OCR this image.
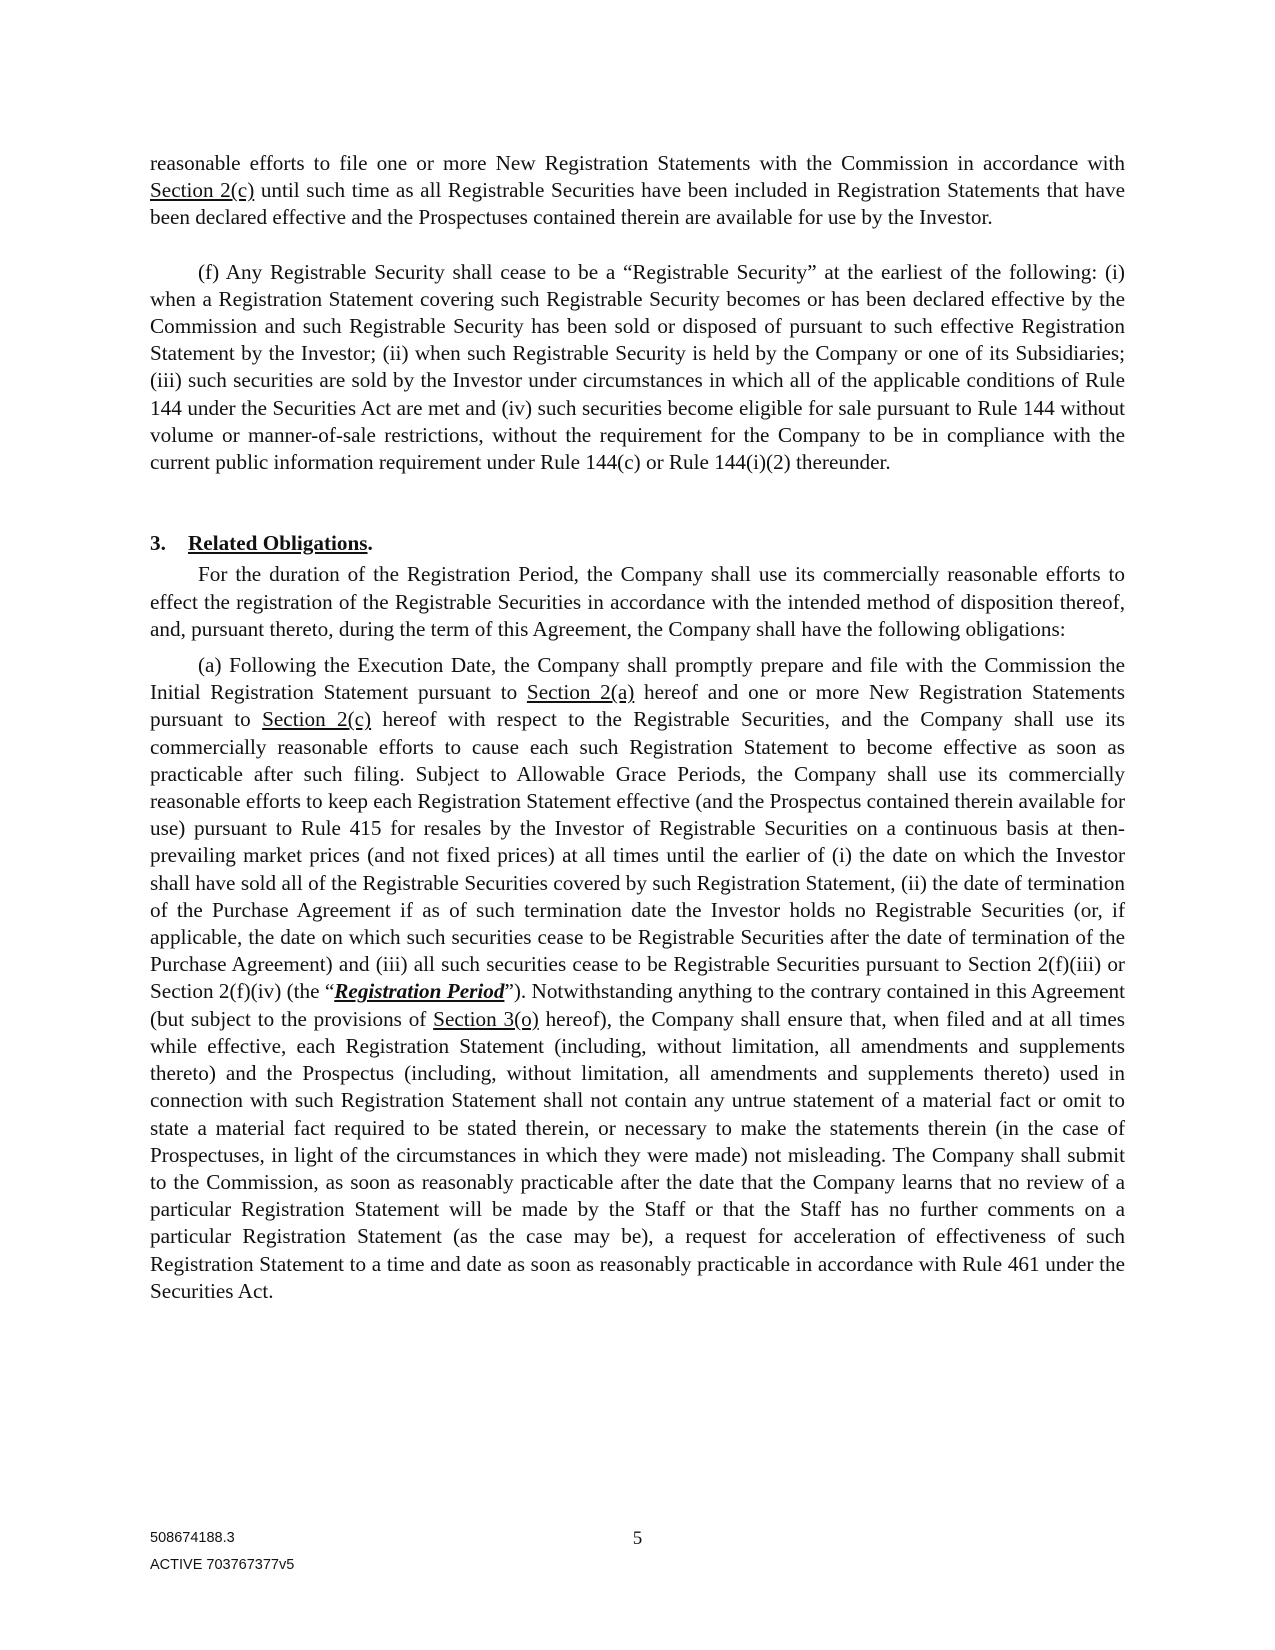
reasonable efforts to file one or more New Registration Statements with the Commission in accordance with Section 2(c) until such time as all Registrable Securities have been included in Registration Statements that have been declared effective and the Prospectuses contained therein are available for use by the Investor.

(f) Any Registrable Security shall cease to be a “Registrable Security” at the earliest of the following: (i) when a Registration Statement covering such Registrable Security becomes or has been declared effective by the Commission and such Registrable Security has been sold or disposed of pursuant to such effective Registration Statement by the Investor; (ii) when such Registrable Security is held by the Company or one of its Subsidiaries; (iii) such securities are sold by the Investor under circumstances in which all of the applicable conditions of Rule 144 under the Securities Act are met and (iv) such securities become eligible for sale pursuant to Rule 144 without volume or manner-of-sale restrictions, without the requirement for the Company to be in compliance with the current public information requirement under Rule 144(c) or Rule 144(i)(2) thereunder.

3. Related Obligations.

For the duration of the Registration Period, the Company shall use its commercially reasonable efforts to effect the registration of the Registrable Securities in accordance with the intended method of disposition thereof, and, pursuant thereto, during the term of this Agreement, the Company shall have the following obligations:

(a) Following the Execution Date, the Company shall promptly prepare and file with the Commission the Initial Registration Statement pursuant to Section 2(a) hereof and one or more New Registration Statements pursuant to Section 2(c) hereof with respect to the Registrable Securities, and the Company shall use its commercially reasonable efforts to cause each such Registration Statement to become effective as soon as practicable after such filing. Subject to Allowable Grace Periods, the Company shall use its commercially reasonable efforts to keep each Registration Statement effective (and the Prospectus contained therein available for use) pursuant to Rule 415 for resales by the Investor of Registrable Securities on a continuous basis at then-prevailing market prices (and not fixed prices) at all times until the earlier of (i) the date on which the Investor shall have sold all of the Registrable Securities covered by such Registration Statement, (ii) the date of termination of the Purchase Agreement if as of such termination date the Investor holds no Registrable Securities (or, if applicable, the date on which such securities cease to be Registrable Securities after the date of termination of the Purchase Agreement) and (iii) all such securities cease to be Registrable Securities pursuant to Section 2(f)(iii) or Section 2(f)(iv) (the “Registration Period”). Notwithstanding anything to the contrary contained in this Agreement (but subject to the provisions of Section 3(o) hereof), the Company shall ensure that, when filed and at all times while effective, each Registration Statement (including, without limitation, all amendments and supplements thereto) and the Prospectus (including, without limitation, all amendments and supplements thereto) used in connection with such Registration Statement shall not contain any untrue statement of a material fact or omit to state a material fact required to be stated therein, or necessary to make the statements therein (in the case of Prospectuses, in light of the circumstances in which they were made) not misleading. The Company shall submit to the Commission, as soon as reasonably practicable after the date that the Company learns that no review of a particular Registration Statement will be made by the Staff or that the Staff has no further comments on a particular Registration Statement (as the case may be), a request for acceleration of effectiveness of such Registration Statement to a time and date as soon as reasonably practicable in accordance with Rule 461 under the Securities Act.

508674188.3
ACTIVE 703767377v5
5
